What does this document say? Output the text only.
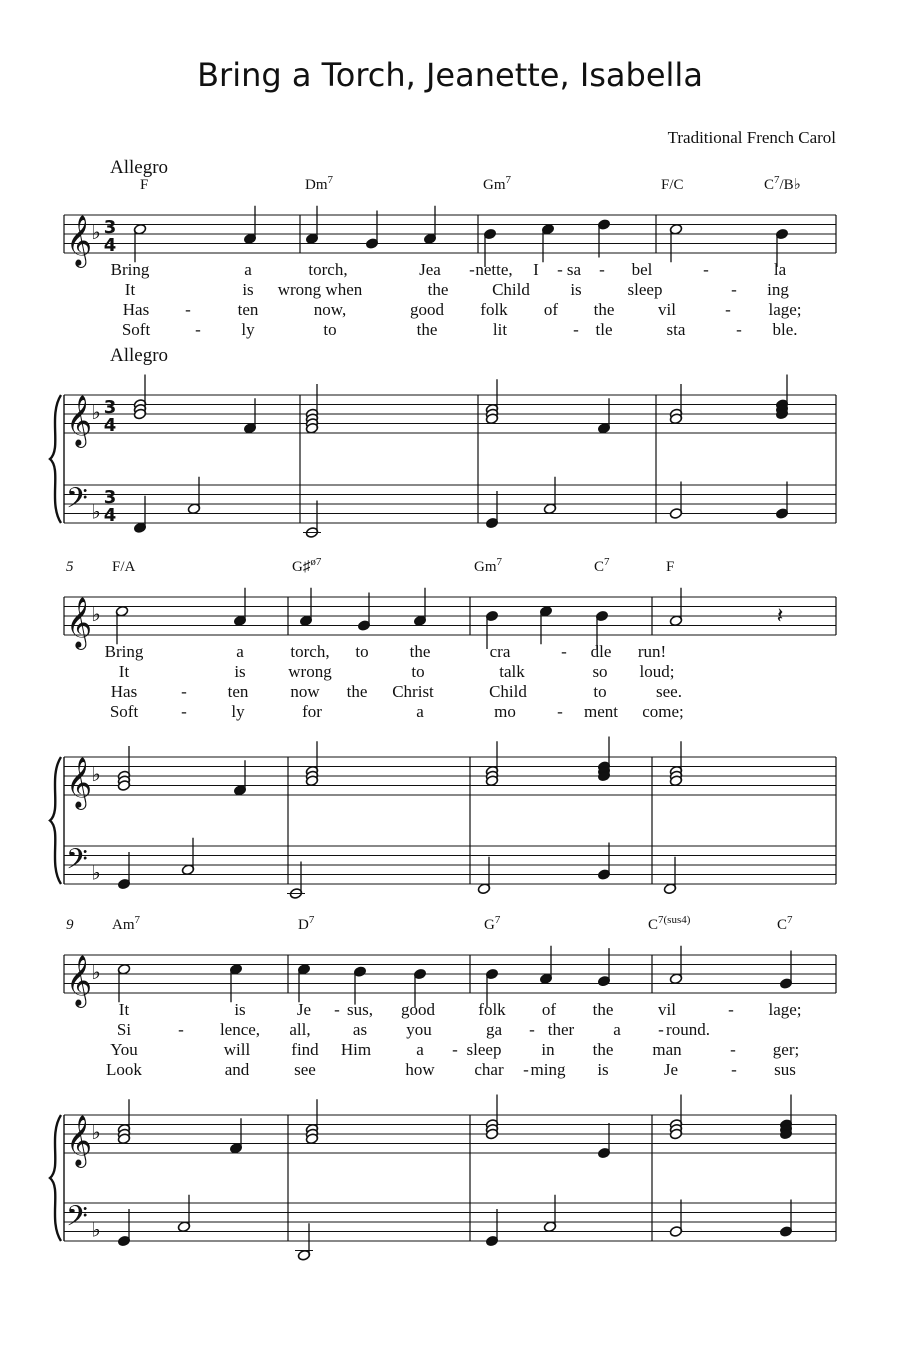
Bring a Torch, Jeanette, Isabella
Traditional French Carol
F	Dm$^7$	Gm$^7$	F/C	$C^7/B♭$
Allegro
Allegro
𝄞 ♭ 3
4
𝄞
𝄢
♭
♭
3
4
3
4
Bring	a	torch,	Jea - nette, I - sa - bel	-	la
It	is wrong when	the	Child is	sleep	- ing
Has -	ten	now,	good folk of the	vil	- lage;
Soft	- ly	to	the	lit	- tle	sta	- ble.
5	F/A	G♯$^{ø7}$	Gm$^7$	$C^7$	F
𝄞 ♭
𝄞
𝄢
♭
♭
Bring	a	torch, to the	cra	- dle run!
It	is	wrong	to	talk	so loud;
Has	- ten now the Christ	Child	to	see.
Soft	-	ly	for	a	mo - ment come;
9	Am$^7$	$D^7$	$G^7$	$C^{7(sus4)}$	$C^7$
𝄞 ♭
𝄞
𝄢
♭
♭
It	is	Je - sus, good	folk of the	vil	- lage;
Si	- lence, all, as you	ga - ther a - round.
You	will find Him	a - sleep in the man	- ger;
Look	and	see	how char - ming is	Je	- sus
𝄽
